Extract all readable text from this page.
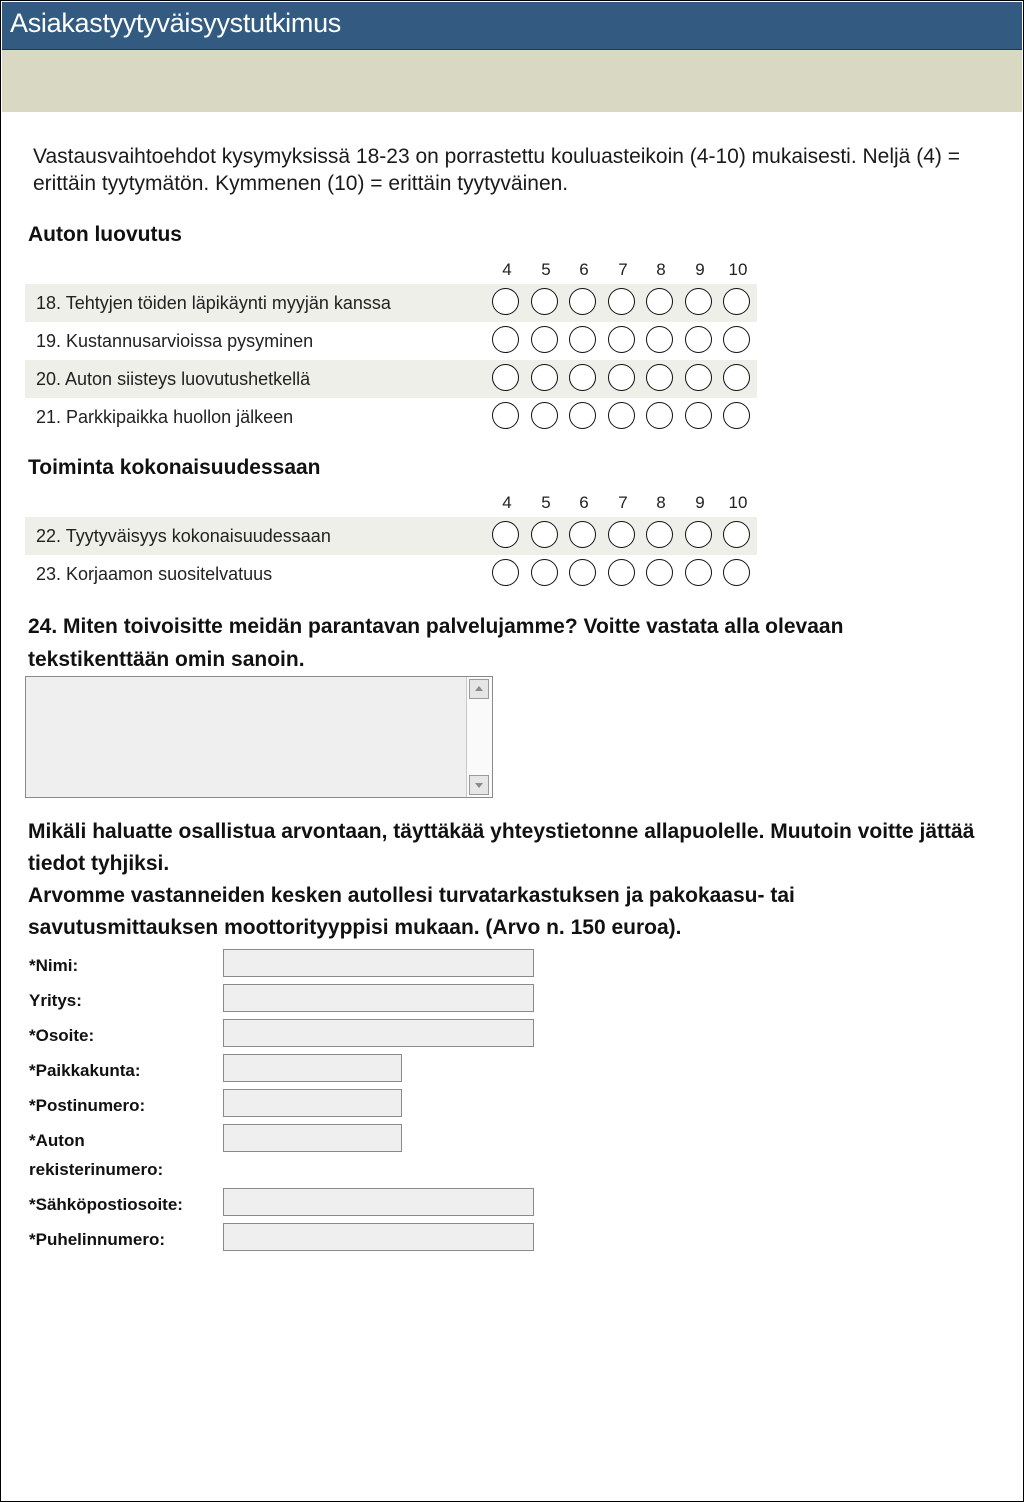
Asiakastyytyväisyystutkimus
Vastausvaihtoehdot kysymyksissä 18-23 on porrastettu kouluasteikoin (4-10) mukaisesti. Neljä (4) = erittäin tyytymätön. Kymmenen (10) = erittäin tyytyväinen.
Auton luovutus
4	5	6	7	8	9	10
18. Tehtyjen töiden läpikäynti myyjän kanssa
19. Kustannusarvioissa pysyminen
20. Auton siisteys luovutushetkellä
21. Parkkipaikka huollon jälkeen
Toiminta kokonaisuudessaan
4	5	6	7	8	9	10
22. Tyytyväisyys kokonaisuudessaan
23. Korjaamon suositelvatuus
24. Miten toivoisitte meidän parantavan palvelujamme? Voitte vastata alla olevaan tekstikenttään omin sanoin.

Mikäli haluatte osallistua arvontaan, täyttäkää yhteystietonne allapuolelle. Muutoin voitte jättää tiedot tyhjiksi.

Arvomme vastanneiden kesken autollesi turvatarkastuksen ja pakokaasu- tai savutusmittauksen moottorityyppisi mukaan. (Arvo n. 150 euroa).

*Nimi:
Yritys:
*Osoite:
*Paikkakunta:
*Postinumero:
*Auton rekisterinumero:
*Sähköpostiosoite:
*Puhelinnumero:
